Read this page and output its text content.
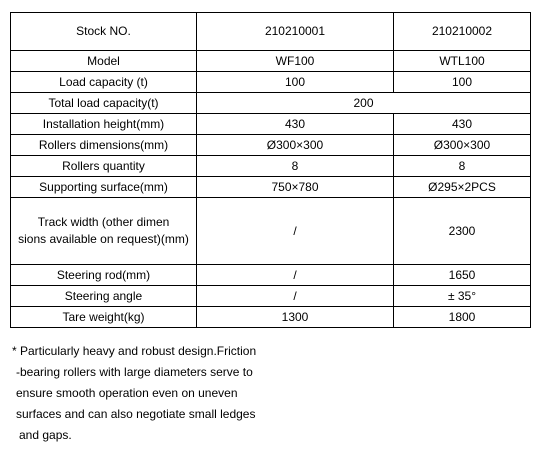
Stock NO.	210210001	210210002
Model	WF100	WTL100
Load capacity (t)	100	100
Total load capacity(t)	200	
Installation height(mm)	430	430
Rollers dimensions(mm)	Ø300×300	Ø300×300
Rollers quantity	8	8
Supporting surface(mm)	750×780	Ø295×2PCS
Track width (other dimen
sions available on request)(mm)	/	2300
Steering rod(mm)	/	1650
Steering angle	/	± 35°
Tare weight(kg)	1300	1800
* Particularly heavy and robust design.Friction
-bearing rollers with large diameters serve to
ensure smooth operation even on uneven
surfaces and can also negotiate small ledges
and gaps.
